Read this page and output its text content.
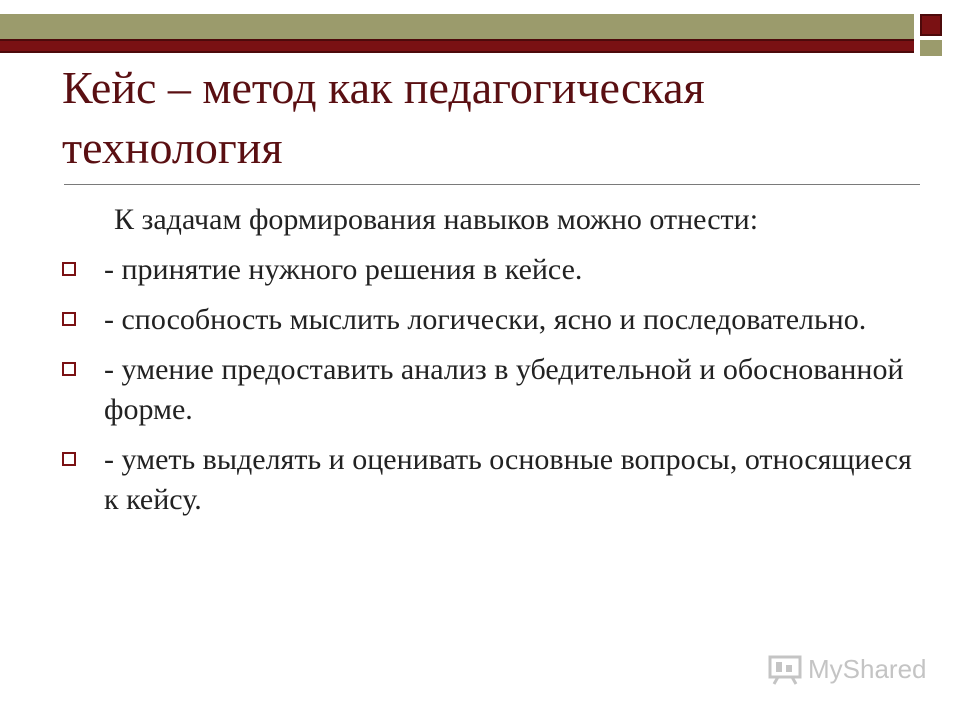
Кейс – метод как педагогическая технология

К задачам формирования навыков можно отнести:

- принятие нужного решения в кейсе.
- способность мыслить логически, ясно и последовательно.
- умение предоставить анализ в убедительной и обоснованной форме.
- уметь выделять и оценивать основные вопросы, относящиеся к кейсу.
MyShared
